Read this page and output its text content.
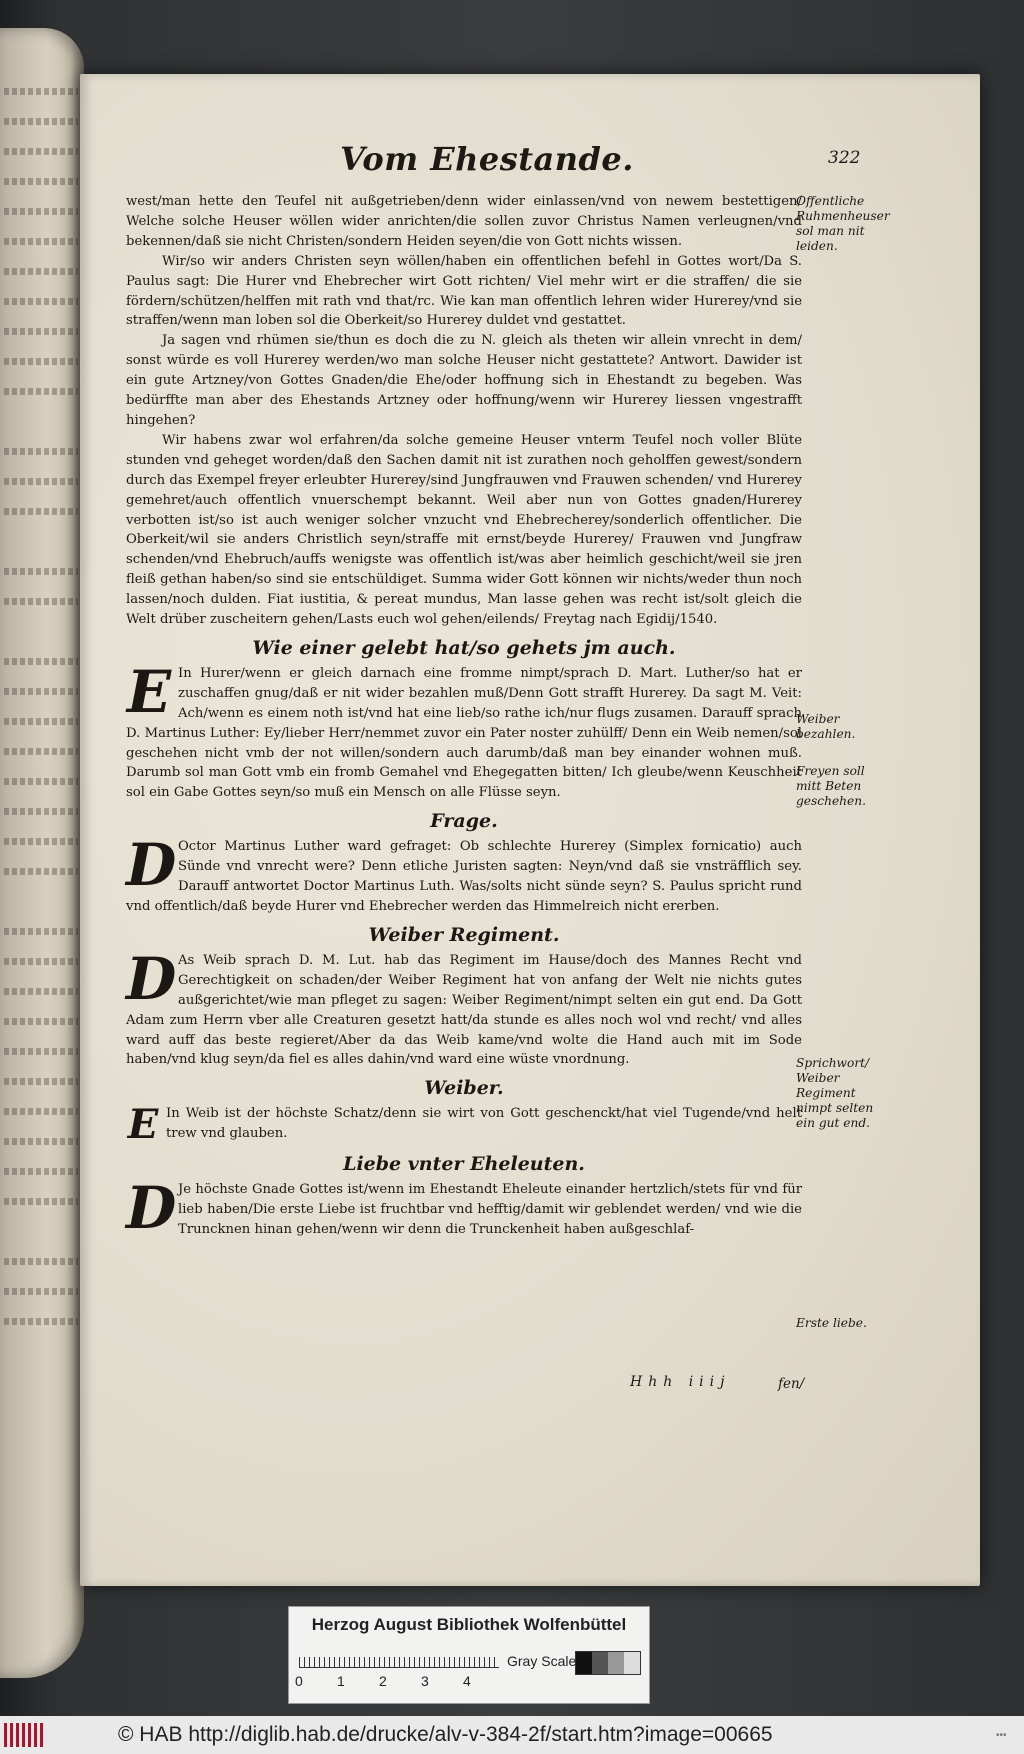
Vom Ehestande.	322

west/man hette den Teufel nit außgetrieben/denn wider einlassen/vnd von newem bestettigen/ Welche solche Heuser wöllen wider anrichten/die sollen zuvor Christus Namen verleugnen/vnd bekennen/daß sie nicht Christen/sondern Heiden seyen/die von Gott nichts wissen.

Wir/so wir anders Christen seyn wöllen/haben ein offentlichen befehl in Gottes wort/Da S. Paulus sagt: Die Hurer vnd Ehebrecher wirt Gott richten/ Viel mehr wirt er die straffen/ die sie fördern/schützen/helffen mit rath vnd that/rc. Wie kan man offentlich lehren wider Hurerey/vnd sie straffen/wenn man loben sol die Oberkeit/so Hurerey duldet vnd gestattet.

Ja sagen vnd rhümen sie/thun es doch die zu N. gleich als theten wir allein vnrecht in dem/ sonst würde es voll Hurerey werden/wo man solche Heuser nicht gestattete? Antwort. Dawider ist ein gute Artzney/von Gottes Gnaden/die Ehe/oder hoffnung sich in Ehestandt zu begeben. Was bedürffte man aber des Ehestands Artzney oder hoffnung/wenn wir Hurerey liessen vngestrafft hingehen?

Wir habens zwar wol erfahren/da solche gemeine Heuser vnterm Teufel noch voller Blüte stunden vnd geheget worden/daß den Sachen damit nit ist zurathen noch geholffen gewest/sondern durch das Exempel freyer erleubter Hurerey/sind Jungfrauwen vnd Frauwen schenden/ vnd Hurerey gemehret/auch offentlich vnuerschempt bekannt. Weil aber nun von Gottes gnaden/Hurerey verbotten ist/so ist auch weniger solcher vnzucht vnd Ehebrecherey/sonderlich offentlicher. Die Oberkeit/wil sie anders Christlich seyn/straffe mit ernst/beyde Hurerey/ Frauwen vnd Jungfraw schenden/vnd Ehebruch/auffs wenigste was offentlich ist/was aber heimlich geschicht/weil sie jren fleiß gethan haben/so sind sie entschüldiget. Summa wider Gott können wir nichts/weder thun noch lassen/noch dulden. Fiat iustitia, & pereat mundus, Man lasse gehen was recht ist/solt gleich die Welt drüber zuscheitern gehen/Lasts euch wol gehen/eilends/ Freytag nach Egidij/1540.

Wie einer gelebt hat/so gehets jm auch.
E In Hurer/wenn er gleich darnach eine fromme nimpt/sprach D. Mart. Luther/so hat er zuschaffen gnug/daß er nit wider bezahlen muß/Denn Gott strafft Hurerey. Da sagt M. Veit: Ach/wenn es einem noth ist/vnd hat eine lieb/so rathe ich/nur flugs zusamen. Darauff sprach D. Martinus Luther: Ey/lieber Herr/nemmet zuvor ein Pater noster zuhülff/ Denn ein Weib nemen/sol geschehen nicht vmb der not willen/sondern auch darumb/daß man bey einander wohnen muß. Darumb sol man Gott vmb ein fromb Gemahel vnd Ehegegatten bitten/ Ich gleube/wenn Keuschheit sol ein Gabe Gottes seyn/so muß ein Mensch on alle Flüsse seyn.

Frage.
D Octor Martinus Luther ward gefraget: Ob schlechte Hurerey (Simplex fornicatio) auch Sünde vnd vnrecht were? Denn etliche Juristen sagten: Neyn/vnd daß sie vnsträfflich sey. Darauff antwortet Doctor Martinus Luth. Was/solts nicht sünde seyn? S. Paulus spricht rund vnd offentlich/daß beyde Hurer vnd Ehebrecher werden das Himmelreich nicht ererben.

Weiber Regiment.
D As Weib sprach D. M. Lut. hab das Regiment im Hause/doch des Mannes Recht vnd Gerechtigkeit on schaden/der Weiber Regiment hat von anfang der Welt nie nichts gutes außgerichtet/wie man pfleget zu sagen: Weiber Regiment/nimpt selten ein gut end. Da Gott Adam zum Herrn vber alle Creaturen gesetzt hatt/da stunde es alles noch wol vnd recht/ vnd alles ward auff das beste regieret/Aber da das Weib kame/vnd wolte die Hand auch mit im Sode haben/vnd klug seyn/da fiel es alles dahin/vnd ward eine wüste vnordnung.

Weiber.
E In Weib ist der höchste Schatz/denn sie wirt von Gott geschenckt/hat viel Tugende/vnd helt trew vnd glauben.

Liebe vnter Eheleuten.
D Je höchste Gnade Gottes ist/wenn im Ehestandt Eheleute einander hertzlich/stets für vnd für lieb haben/Die erste Liebe ist fruchtbar vnd hefftig/damit wir geblendet werden/ vnd wie die Truncknen hinan gehen/wenn wir denn die Trunckenheit haben außgeschlaf-

Offentliche Ruhmenheuser sol man nit leiden.
Weiber bezahlen.
Freyen soll mitt Beten geschehen.
Sprichwort/ Weiber Regiment nimpt selten ein gut end.
Erste liebe.
Hhh iiij	fen/
Herzog August Bibliothek Wolfenbüttel
0 1 2 3 4
Gray Scale
© HAB http://diglib.hab.de/drucke/alv-v-384-2f/start.htm?image=00665	•••
